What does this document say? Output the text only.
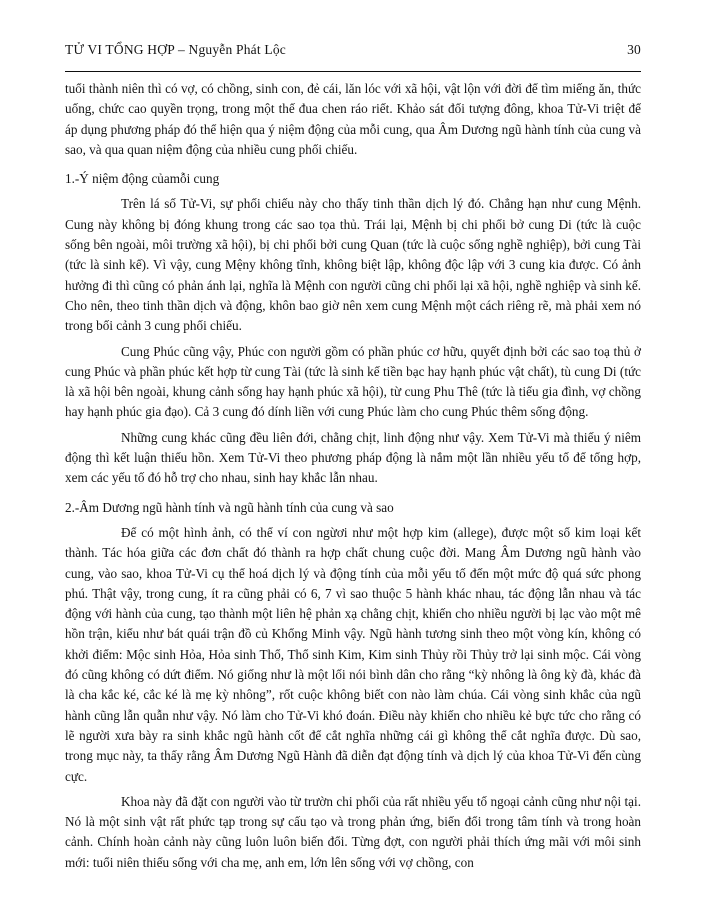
TỬ VI TỔNG HỢP – Nguyễn Phát Lộc	30

tuổi thành niên thì có vợ, có chồng, sinh con, đẻ cái, lăn lóc với xã hội, vật lộn với đời để tìm miếng ăn, thức uống, chức cao quyền trọng, trong một thế đua chen ráo riết. Khảo sát đối tượng đông, khoa Tử-Vi triệt để áp dụng phương pháp đó thể hiện qua ý niệm động của mỗi cung, qua Âm Dương ngũ hành tính của cung và sao, và qua quan niệm động của nhiều cung phối chiếu.

1.-Ý niệm động củamỗi cung

Trên lá số Tử-Vi, sự phối chiếu này cho thấy tinh thần dịch lý đó. Chẳng hạn như cung Mệnh. Cung này không bị đóng khung trong các sao tọa thủ. Trái lại, Mệnh bị chi phối bở cung Di (tức là cuộc sống bên ngoài, môi trường xã hội), bị chi phối bởi cung Quan (tức là cuộc sống nghề nghiệp), bởi cung Tài (tức là sinh kế). Vì vậy, cung Mệny không tĩnh, không biệt lập, không độc lập với 3 cung kia được. Có ảnh hưởng đi thì cũng có phản ánh lại, nghĩa là Mệnh con người cũng chi phối lại xã hội, nghề nghiệp và sinh kế. Cho nên, theo tinh thần dịch và động, khôn bao giờ nên xem cung Mệnh một cách riêng rẽ, mà phải xem nó trong bối cảnh 3 cung phối chiếu.

Cung Phúc cũng vậy, Phúc con người gồm có phần phúc cơ hữu, quyết định bởi các sao toạ thủ ở cung Phúc và phần phúc kết hợp từ cung Tài (tức là sinh kế tiền bạc hay hạnh phúc vật chất), tù cung Di (tức là xã hội bên ngoài, khung cảnh sống hay hạnh phúc xã hội), từ cung Phu Thê (tức là tiểu gia đình, vợ chồng hay hạnh phúc gia đạo). Cả 3 cung đó dính liền với cung Phúc làm cho cung Phúc thêm sống động.

Những cung khác cũng đều liên đới, chằng chịt, linh động như vậy. Xem Tử-Vi mà thiếu ý niêm động thì kết luận thiếu hồn. Xem Tử-Vi theo phương pháp động là nắm một lần nhiều yếu tố để tổng hợp, xem các yếu tố đó hỗ trợ cho nhau, sinh hay khắc lẫn nhau.

2.-Âm Dương ngũ hành tính và ngũ hành tính của cung và sao

Để có một hình ảnh, có thể ví con ngừơi như một hợp kim (allege), được một số kim loại kết thành. Tác hóa giữa các đơn chất đó thành ra hợp chất chung cuộc đời. Mang Âm Dương ngũ hành vào cung, vào sao, khoa Tử-Vi cụ thể hoá dịch lý và động tính của mỗi yếu tố đến một mức độ quá sức phong phú. Thật vậy, trong cung, ít ra cũng phải có 6, 7 vì sao thuộc 5 hành khác nhau, tác động lẫn nhau và tác động với hành của cung, tạo thành một liên hệ phản xạ chằng chịt, khiến cho nhiều người bị lạc vào một mê hồn trận, kiểu như bát quái trận đồ củ Khổng Minh vậy. Ngũ hành tương sinh theo một vòng kín, không có khởi điểm: Mộc sinh Hỏa, Hỏa sinh Thổ, Thổ sinh Kim, Kim sinh Thủy rồi Thủy trở lại sinh mộc. Cái vòng đó cũng không có dứt điểm. Nó giống như là một lối nói bình dân cho rằng “kỳ nhông là ông kỳ đà, khác đà là cha kắc ké, cắc ké là mẹ kỳ nhông”, rốt cuộc không biết con nào làm chúa. Cái vòng sinh khắc của ngũ hành cũng lẫn quẫn như vậy. Nó làm cho Tử-Vi khó đoán. Điều này khiến cho nhiều kẻ bực tức cho rằng có lẽ người xưa bày ra sinh khắc ngũ hành cốt để cắt nghĩa những cái gì không thể cắt nghĩa được. Dù sao, trong mục này, ta thấy rằng Âm Dương Ngũ Hành đã diễn đạt động tính và dịch lý của khoa Tử-Vi đến cùng cực.

Khoa này đã đặt con người vào từ trườn chi phối của rất nhiều yếu tố ngoại cảnh cũng như nội tại. Nó là một sinh vật rất phức tạp trong sự cấu tạo và trong phản ứng, biến đổi trong tâm tính và trong hoàn cảnh. Chính hoàn cảnh này cũng luôn luôn biến đổi. Từng đợt, con người phải thích ứng mãi với môi sinh mới: tuổi niên thiếu sống với cha mẹ, anh em, lớn lên sống với vợ chồng, con
